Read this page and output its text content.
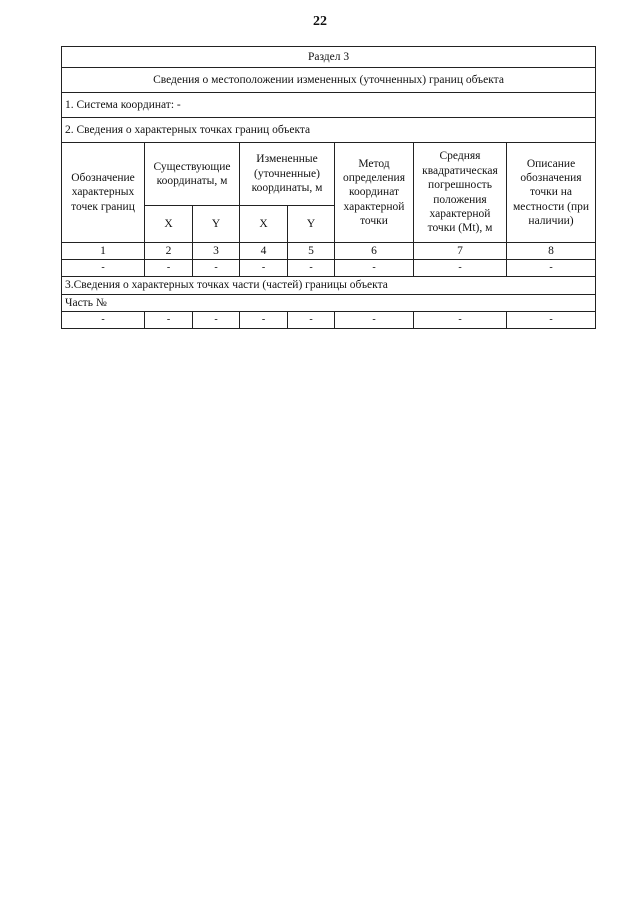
22
Раздел 3							
Сведения о местоположении измененных (уточненных) границ объекта							
1. Система координат: -							
2. Сведения о характерных точках границ объекта							
Обозначение характерных точек границ	Существующие координаты, м		Измененные (уточненные) координаты, м		Метод определения координат характерной точки	Средняя квадратическая погрешность положения характерной точки (Mt), м	Описание обозначения точки на местности (при наличии)
	X	Y	X	Y			
1	2	3	4	5	6	7	8
-	-	-	-	-	-	-	-
3.Сведения о характерных точках части (частей) границы объекта							
Часть №							
-	-	-	-	-	-	-	-
